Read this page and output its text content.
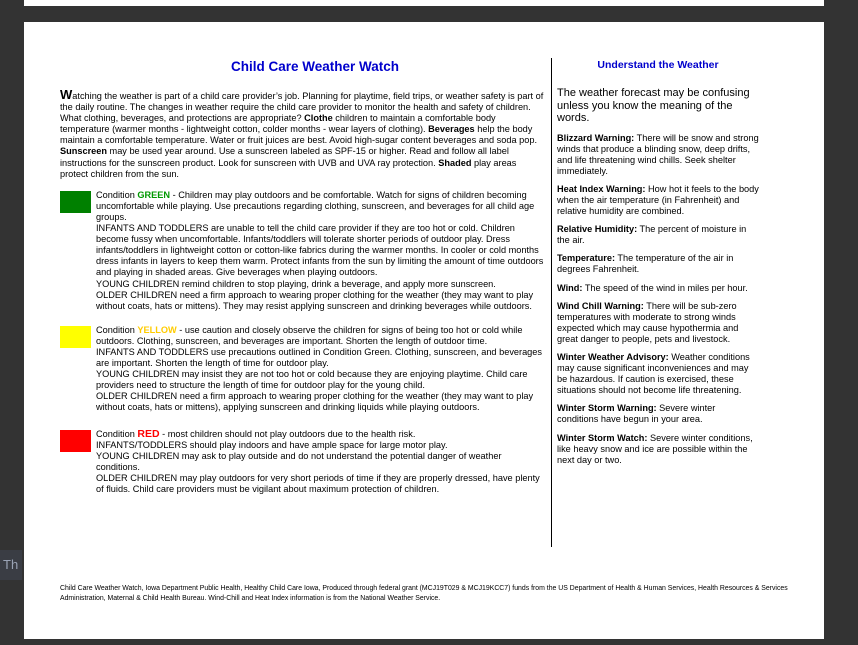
Th
Child Care Weather Watch

Watching the weather is part of a child care provider’s job. Planning for playtime, field trips, or weather safety is part of the daily routine. The changes in weather require the child care provider to monitor the health and safety of children. What clothing, beverages, and protections are appropriate? Clothe children to maintain a comfortable body temperature (warmer months - lightweight cotton, colder months - wear layers of clothing). Beverages help the body maintain a comfortable temperature. Water or fruit juices are best. Avoid high-sugar content beverages and soda pop. Sunscreen may be used year around. Use a sunscreen labeled as SPF-15 or higher. Read and follow all label instructions for the sunscreen product. Look for sunscreen with UVB and UVA ray protection. Shaded play areas protect children from the sun.

Condition GREEN - Children may play outdoors and be comfortable. Watch for signs of children becoming uncomfortable while playing. Use precautions regarding clothing, sunscreen, and beverages for all child age groups.

INFANTS AND TODDLERS are unable to tell the child care provider if they are too hot or cold. Children become fussy when uncomfortable. Infants/toddlers will tolerate shorter periods of outdoor play. Dress infants/toddlers in lightweight cotton or cotton-like fabrics during the warmer months. In cooler or cold months dress infants in layers to keep them warm. Protect infants from the sun by limiting the amount of time outdoors and playing in shaded areas. Give beverages when playing outdoors.

YOUNG CHILDREN remind children to stop playing, drink a beverage, and apply more sunscreen.

OLDER CHILDREN need a firm approach to wearing proper clothing for the weather (they may want to play without coats, hats or mittens). They may resist applying sunscreen and drinking beverages while outdoors.

Condition YELLOW - use caution and closely observe the children for signs of being too hot or cold while outdoors. Clothing, sunscreen, and beverages are important. Shorten the length of outdoor time.

INFANTS AND TODDLERS use precautions outlined in Condition Green. Clothing, sunscreen, and beverages are important. Shorten the length of time for outdoor play.

YOUNG CHILDREN may insist they are not too hot or cold because they are enjoying playtime. Child care providers need to structure the length of time for outdoor play for the young child.

OLDER CHILDREN need a firm approach to wearing proper clothing for the weather (they may want to play without coats, hats or mittens), applying sunscreen and drinking liquids while playing outdoors.

Condition RED - most children should not play outdoors due to the health risk.

INFANTS/TODDLERS should play indoors and have ample space for large motor play.

YOUNG CHILDREN may ask to play outside and do not understand the potential danger of weather conditions.

OLDER CHILDREN may play outdoors for very short periods of time if they are properly dressed, have plenty of fluids. Child care providers must be vigilant about maximum protection of children.

Understand the Weather

The weather forecast may be confusing unless you know the meaning of the words.

Blizzard Warning: There will be snow and strong winds that produce a blinding snow, deep drifts, and life threatening wind chills. Seek shelter immediately.

Heat Index Warning: How hot it feels to the body when the air temperature (in Fahrenheit) and relative humidity are combined.

Relative Humidity: The percent of moisture in the air.

Temperature: The temperature of the air in degrees Fahrenheit.

Wind: The speed of the wind in miles per hour.

Wind Chill Warning: There will be sub-zero temperatures with moderate to strong winds expected which may cause hypothermia and great danger to people, pets and livestock.

Winter Weather Advisory: Weather conditions may cause significant inconveniences and may be hazardous. If caution is exercised, these situations should not become life threatening.

Winter Storm Warning: Severe winter conditions have begun in your area.

Winter Storm Watch: Severe winter conditions, like heavy snow and ice are possible within the next day or two.

Child Care Weather Watch, Iowa Department Public Health, Healthy Child Care Iowa, Produced through federal grant (MCJ19T029 & MCJ19KCC7) funds from the US Department of Health & Human Services, Health Resources & Services Administration, Maternal & Child Health Bureau. Wind-Chill and Heat Index information is from the National Weather Service.
